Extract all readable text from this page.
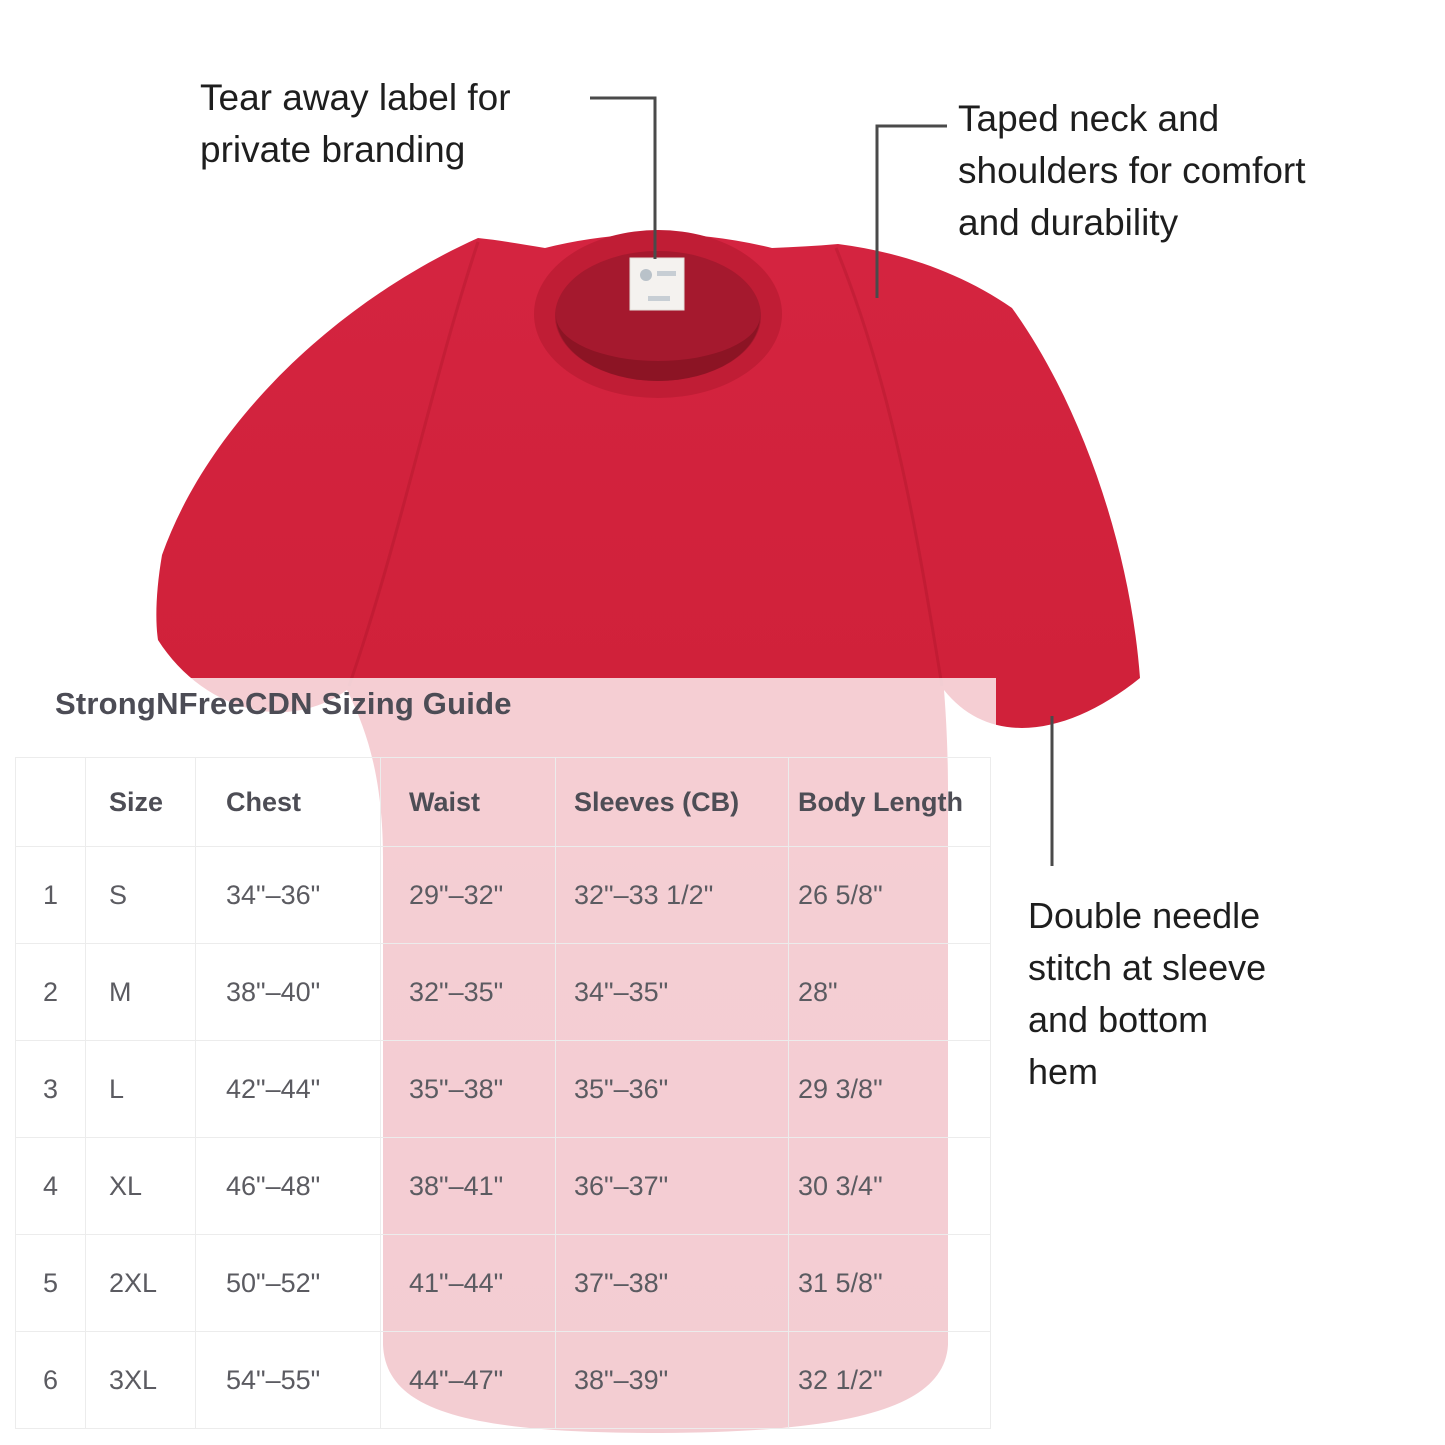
Tear away label for
private branding
Taped neck and
shoulders for comfort
and durability
Double needle
stitch at sleeve
and bottom
hem
StrongNFreeCDN Sizing Guide
	Size	Chest	Waist	Sleeves (CB)	Body Length
1	S	34"–36"	29"–32"	32"–33 1/2"	26 5/8"
2	M	38"–40"	32"–35"	34"–35"	28"
3	L	42"–44"	35"–38"	35"–36"	29 3/8"
4	XL	46"–48"	38"–41"	36"–37"	30 3/4"
5	2XL	50"–52"	41"–44"	37"–38"	31 5/8"
6	3XL	54"–55"	44"–47"	38"–39"	32 1/2"
